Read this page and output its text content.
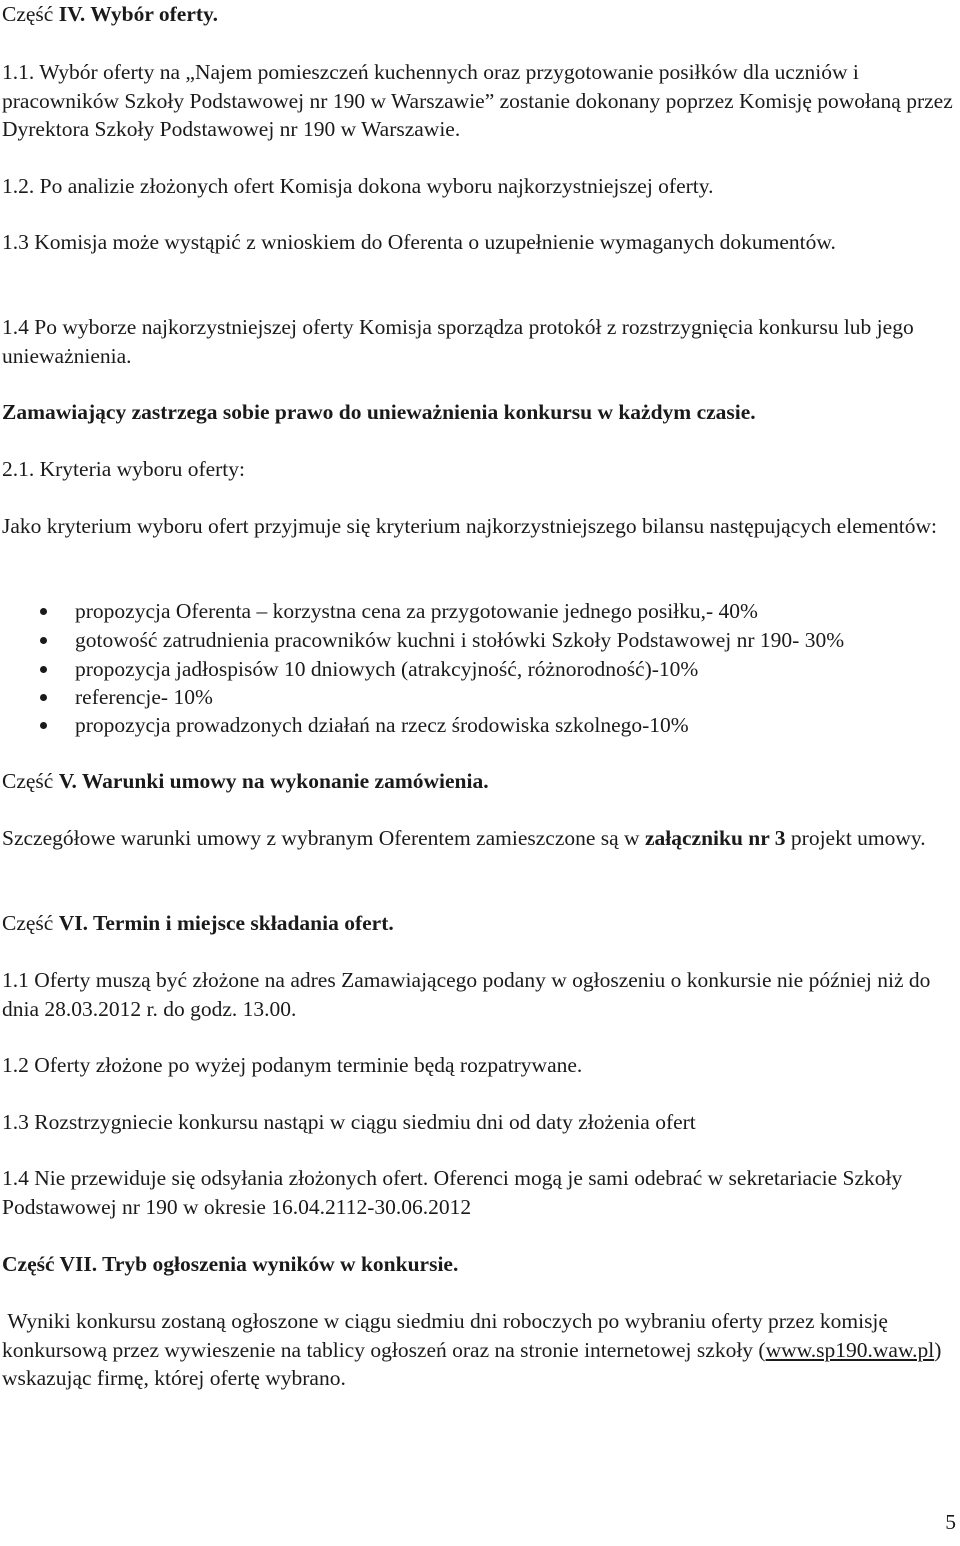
Część IV. Wybór oferty.

1.1. Wybór oferty na „Najem pomieszczeń kuchennych oraz przygotowanie posiłków dla uczniów i pracowników Szkoły Podstawowej nr 190 w Warszawie” zostanie dokonany poprzez Komisję powołaną przez Dyrektora Szkoły Podstawowej nr 190 w Warszawie.

1.2. Po analizie złożonych ofert Komisja dokona wyboru najkorzystniejszej oferty.

1.3 Komisja może wystąpić z wnioskiem do Oferenta o uzupełnienie wymaganych dokumentów.

1.4 Po wyborze najkorzystniejszej oferty Komisja sporządza protokół z rozstrzygnięcia konkursu lub jego unieważnienia.

Zamawiający zastrzega sobie prawo do unieważnienia konkursu w każdym czasie.

2.1. Kryteria wyboru oferty:

Jako kryterium wyboru ofert przyjmuje się kryterium najkorzystniejszego bilansu następujących elementów:

propozycja Oferenta – korzystna cena za przygotowanie jednego posiłku,- 40%
gotowość zatrudnienia pracowników kuchni i stołówki Szkoły Podstawowej nr 190- 30%
propozycja jadłospisów 10 dniowych (atrakcyjność, różnorodność)-10%
referencje- 10%
propozycja prowadzonych działań na rzecz środowiska szkolnego-10%

Część V. Warunki umowy na wykonanie zamówienia.

Szczegółowe warunki umowy z wybranym Oferentem zamieszczone są w załączniku nr 3 projekt umowy.

Część VI. Termin i miejsce składania ofert.

1.1 Oferty muszą być złożone na adres Zamawiającego podany w ogłoszeniu o konkursie nie później niż do dnia 28.03.2012 r. do godz. 13.00.

1.2 Oferty złożone po wyżej podanym terminie będą rozpatrywane.

1.3 Rozstrzygniecie konkursu nastąpi w ciągu siedmiu dni od daty złożenia ofert

1.4 Nie przewiduje się odsyłania złożonych ofert. Oferenci mogą je sami odebrać w sekretariacie Szkoły Podstawowej nr 190 w okresie 16.04.2112-30.06.2012

Część VII. Tryb ogłoszenia wyników w konkursie.

Wyniki konkursu zostaną ogłoszone w ciągu siedmiu dni roboczych po wybraniu oferty przez komisję konkursową przez wywieszenie na tablicy ogłoszeń oraz na stronie internetowej szkoły (www.sp190.waw.pl) wskazując firmę, której ofertę wybrano.

5
